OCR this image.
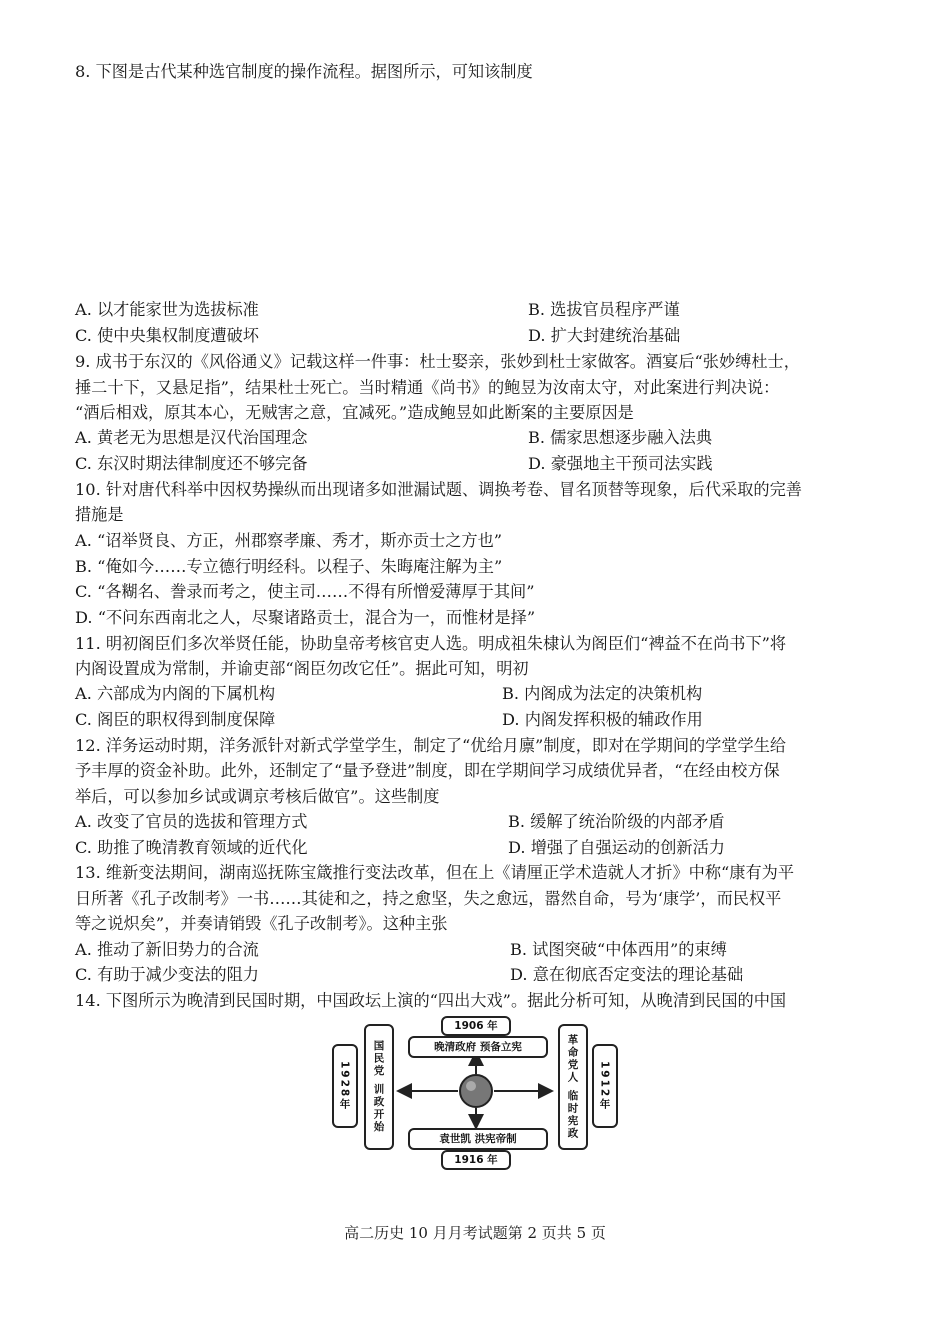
8. 下图是古代某种选官制度的操作流程。据图所示，可知该制度
A. 以才能家世为选拔标准	B. 选拔官员程序严谨
C. 使中央集权制度遭破坏	D. 扩大封建统治基础
9. 成书于东汉的《风俗通义》记载这样一件事：杜士娶亲，张妙到杜士家做客。酒宴后“张妙缚杜士，
捶二十下，又悬足指”，结果杜士死亡。当时精通《尚书》的鲍昱为汝南太守，对此案进行判决说：
“酒后相戏，原其本心，无贼害之意，宜减死。”造成鲍昱如此断案的主要原因是
A. 黄老无为思想是汉代治国理念	B. 儒家思想逐步融入法典
C. 东汉时期法律制度还不够完备	D. 豪强地主干预司法实践
10. 针对唐代科举中因权势操纵而出现诸多如泄漏试题、调换考卷、冒名顶替等现象，后代采取的完善
措施是
A. “诏举贤良、方正，州郡察孝廉、秀才，斯亦贡士之方也”
B. “俺如今……专立德行明经科。以程子、朱晦庵注解为主”
C. “各糊名、誊录而考之，使主司……不得有所憎爱薄厚于其间”
D. “不问东西南北之人，尽聚诸路贡士，混合为一，而惟材是择”
11. 明初阁臣们多次举贤任能，协助皇帝考核官吏人选。明成祖朱棣认为阁臣们“裨益不在尚书下”将
内阁设置成为常制，并谕吏部“阁臣勿改它任”。据此可知，明初
A. 六部成为内阁的下属机构	B. 内阁成为法定的决策机构
C. 阁臣的职权得到制度保障	D. 内阁发挥积极的辅政作用
12. 洋务运动时期，洋务派针对新式学堂学生，制定了“优给月廪”制度，即对在学期间的学堂学生给
予丰厚的资金补助。此外，还制定了“量予登进”制度，即在学期间学习成绩优异者，“在经由校方保
举后，可以参加乡试或调京考核后做官”。这些制度
A. 改变了官员的选拔和管理方式	B. 缓解了统治阶级的内部矛盾
C. 助推了晚清教育领域的近代化	D. 增强了自强运动的创新活力
13. 维新变法期间，湖南巡抚陈宝箴推行变法改革，但在上《请厘正学术造就人才折》中称“康有为平
日所著《孔子改制考》一书……其徒和之，持之愈坚，失之愈远，嚣然自命，号为‘康学’，而民权平
等之说炽矣”，并奏请销毁《孔子改制考》。这种主张
A. 推动了新旧势力的合流	B. 试图突破“中体西用”的束缚
C. 有助于减少变法的阻力	D. 意在彻底否定变法的理论基础
14. 下图所示为晚清到民国时期，中国政坛上演的“四出大戏”。据此分析可知，从晚清到民国的中国
1906 年
晚清政府 预备立宪
袁世凯 洪宪帝制
1916 年
1928年	国民党 训政开始	革命党人 临时宪政	1912年
高二历史 10 月月考试题第 2 页共 5 页
